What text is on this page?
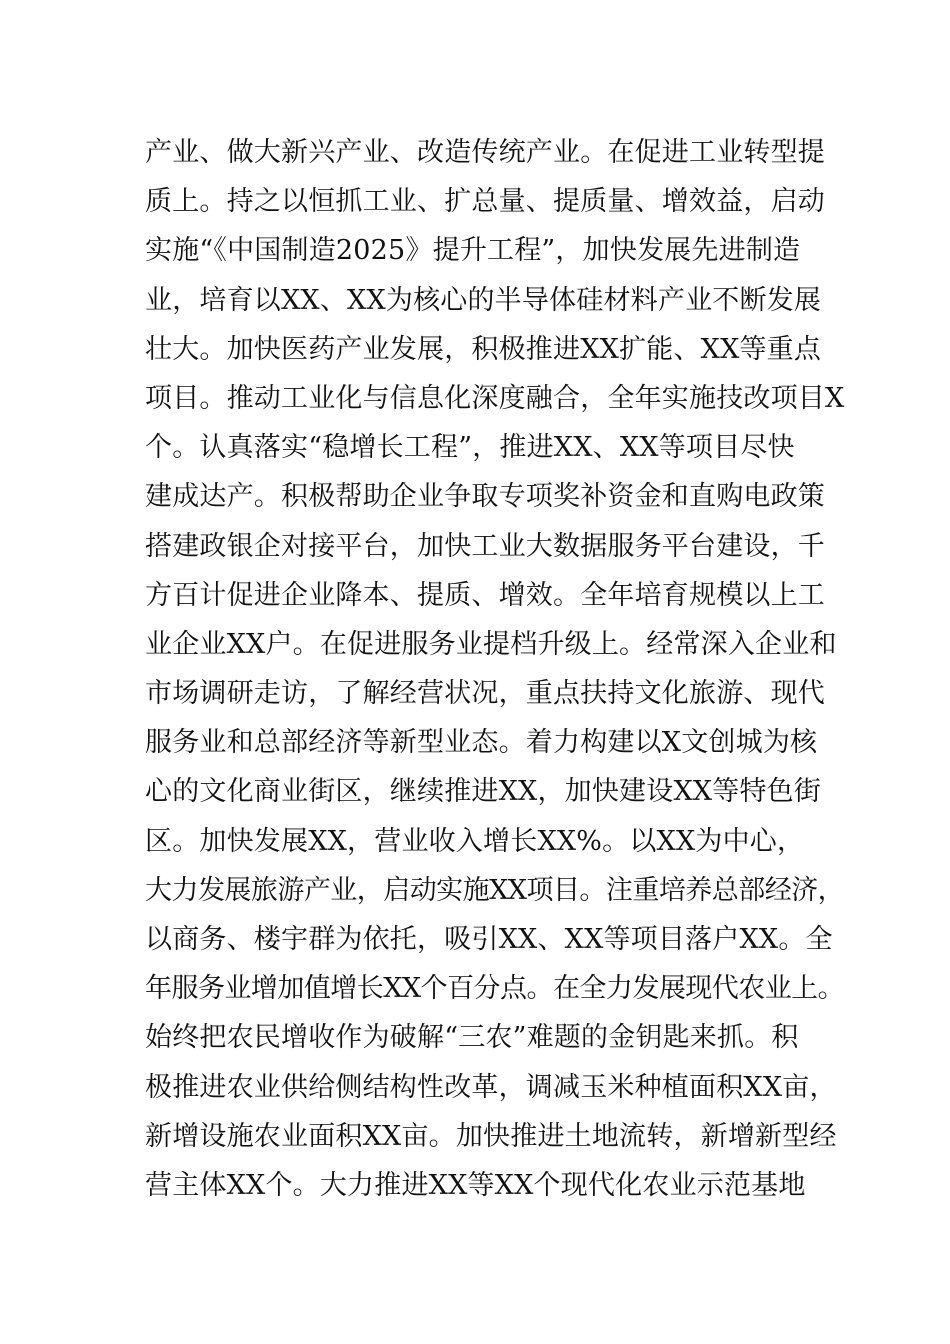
产业、做大新兴产业、改造传统产业。在促进工业转型提
质上。持之以恒抓工业、扩总量、提质量、增效益，启动
实施“《中国制造2025》提升工程”，加快发展先进制造
业，培育以XX、XX为核心的半导体硅材料产业不断发展
壮大。加快医药产业发展，积极推进XX扩能、XX等重点
项目。推动工业化与信息化深度融合，全年实施技改项目X
个。认真落实“稳增长工程”，推进XX、XX等项目尽快
建成达产。积极帮助企业争取专项奖补资金和直购电政策
搭建政银企对接平台，加快工业大数据服务平台建设，千
方百计促进企业降本、提质、增效。全年培育规模以上工
业企业XX户。在促进服务业提档升级上。经常深入企业和
市场调研走访，了解经营状况，重点扶持文化旅游、现代
服务业和总部经济等新型业态。着力构建以X文创城为核
心的文化商业街区，继续推进XX，加快建设XX等特色街
区。加快发展XX，营业收入增长XX%。以XX为中心，
大力发展旅游产业，启动实施XX项目。注重培养总部经济，
以商务、楼宇群为依托，吸引XX、XX等项目落户XX。全
年服务业增加值增长XX个百分点。在全力发展现代农业上。
始终把农民增收作为破解“三农”难题的金钥匙来抓。积
极推进农业供给侧结构性改革，调减玉米种植面积XX亩，
新增设施农业面积XX亩。加快推进土地流转，新增新型经
营主体XX个。大力推进XX等XX个现代化农业示范基地
